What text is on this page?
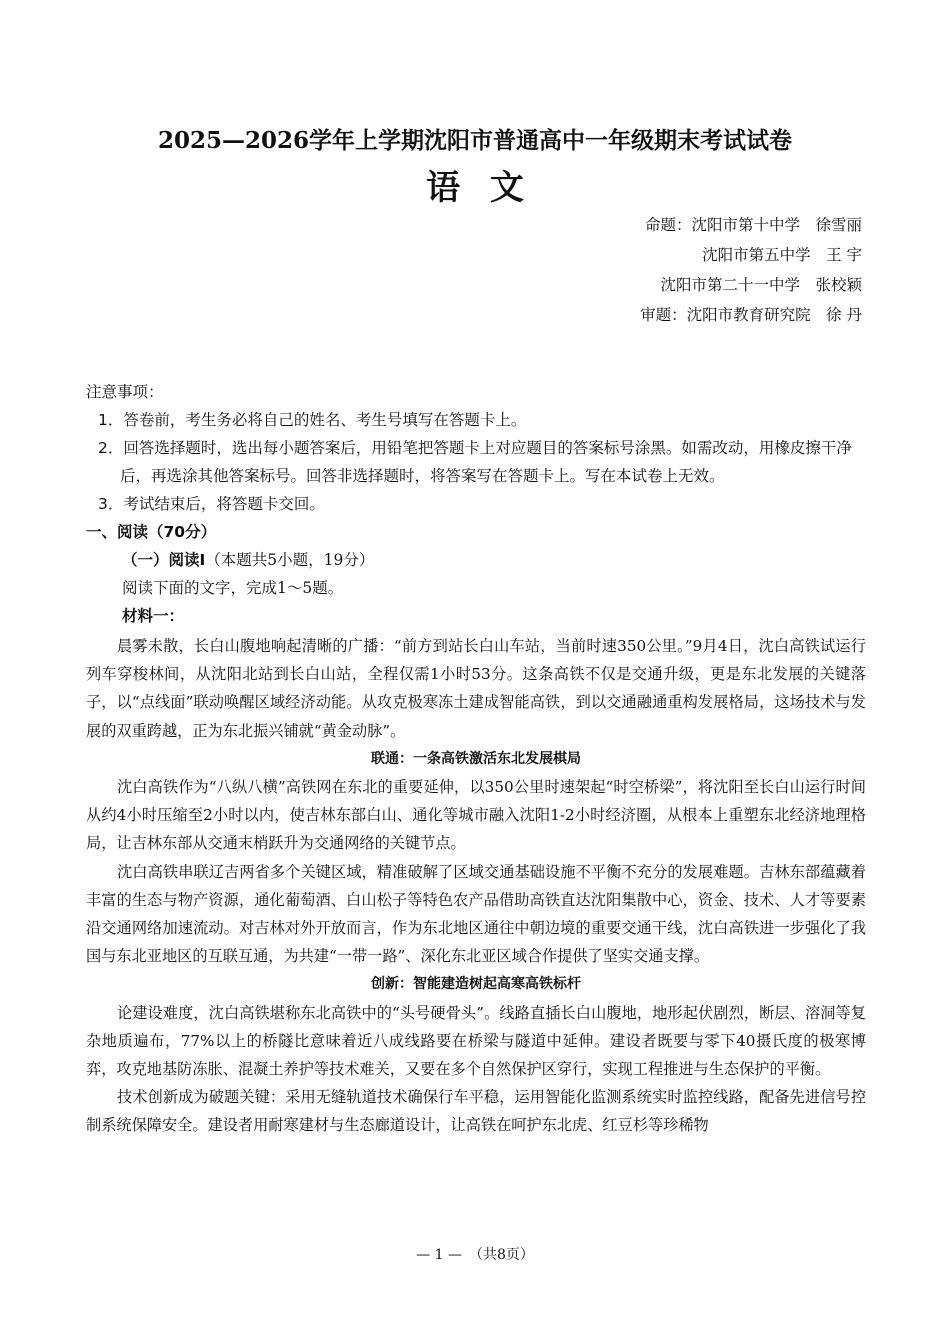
2025—2026学年上学期沈阳市普通高中一年级期末考试试卷
语 文
命题：沈阳市第十中学　徐雪丽
沈阳市第五中学　王 宇
沈阳市第二十一中学　张校颖
审题：沈阳市教育研究院　徐 丹
注意事项：
1．答卷前，考生务必将自己的姓名、考生号填写在答题卡上。
2．回答选择题时，选出每小题答案后，用铅笔把答题卡上对应题目的答案标号涂黑。如需改动，用橡皮擦干净后，再选涂其他答案标号。回答非选择题时，将答案写在答题卡上。写在本试卷上无效。
3．考试结束后，将答题卡交回。
一、阅读（70分）
（一）阅读Ⅰ（本题共5小题，19分）
阅读下面的文字，完成1～5题。
材料一：

晨雾未散，长白山腹地响起清晰的广播：“前方到站长白山车站，当前时速350公里。”9月4日，沈白高铁试运行列车穿梭林间，从沈阳北站到长白山站，全程仅需1小时53分。这条高铁不仅是交通升级，更是东北发展的关键落子，以“点线面”联动唤醒区域经济动能。从攻克极寒冻土建成智能高铁，到以交通融通重构发展格局，这场技术与发展的双重跨越，正为东北振兴铺就“黄金动脉”。

联通：一条高铁激活东北发展棋局

沈白高铁作为“八纵八横”高铁网在东北的重要延伸，以350公里时速架起“时空桥梁”，将沈阳至长白山运行时间从约4小时压缩至2小时以内，使吉林东部白山、通化等城市融入沈阳1-2小时经济圈，从根本上重塑东北经济地理格局，让吉林东部从交通末梢跃升为交通网络的关键节点。

沈白高铁串联辽吉两省多个关键区域，精准破解了区域交通基础设施不平衡不充分的发展难题。吉林东部蕴藏着丰富的生态与物产资源，通化葡萄酒、白山松子等特色农产品借助高铁直达沈阳集散中心，资金、技术、人才等要素沿交通网络加速流动。对吉林对外开放而言，作为东北地区通往中朝边境的重要交通干线，沈白高铁进一步强化了我国与东北亚地区的互联互通，为共建“一带一路”、深化东北亚区域合作提供了坚实交通支撑。

创新：智能建造树起高寒高铁标杆

论建设难度，沈白高铁堪称东北高铁中的“头号硬骨头”。线路直插长白山腹地，地形起伏剧烈，断层、溶洞等复杂地质遍布，77%以上的桥隧比意味着近八成线路要在桥梁与隧道中延伸。建设者既要与零下40摄氏度的极寒博弈，攻克地基防冻胀、混凝土养护等技术难关，又要在多个自然保护区穿行，实现工程推进与生态保护的平衡。

技术创新成为破题关键：采用无缝轨道技术确保行车平稳，运用智能化监测系统实时监控线路，配备先进信号控制系统保障安全。建设者用耐寒建材与生态廊道设计，让高铁在呵护东北虎、红豆杉等珍稀物

— 1 —　（共8页）
